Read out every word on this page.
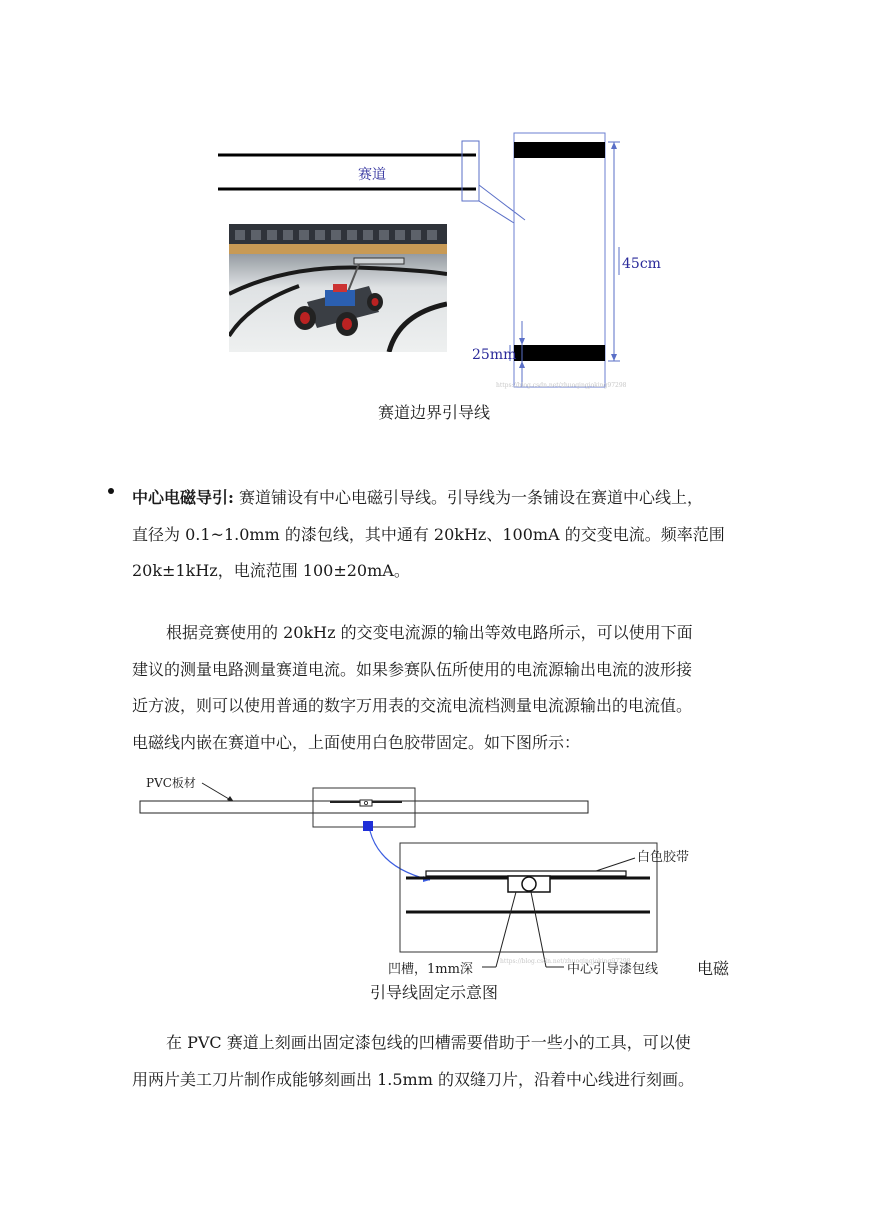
赛道
45cm
25mm
https://blog.csdn.net/zhuoqingjoking97298
赛道边界引导线

中心电磁导引: 赛道铺设有中心电磁引导线。引导线为一条铺设在赛道中心线上，
直径为 0.1~1.0mm 的漆包线，其中通有 20kHz、100mA 的交变电流。频率范围
20k±1kHz，电流范围 100±20mA。

根据竞赛使用的 20kHz 的交变电流源的输出等效电路所示，可以使用下面
建议的测量电路测量赛道电流。如果参赛队伍所使用的电流源输出电流的波形接
近方波，则可以使用普通的数字万用表的交流电流档测量电流源输出的电流值。
电磁线内嵌在赛道中心，上面使用白色胶带固定。如下图所示：

PVC板材
白色胶带
凹槽，1mm深	中心引导漆包线
https://blog.csdn.net/zhuoqingjoking97298	电磁
引导线固定示意图

在 PVC 赛道上刻画出固定漆包线的凹槽需要借助于一些小的工具，可以使
用两片美工刀片制作成能够刻画出 1.5mm 的双缝刀片，沿着中心线进行刻画。
